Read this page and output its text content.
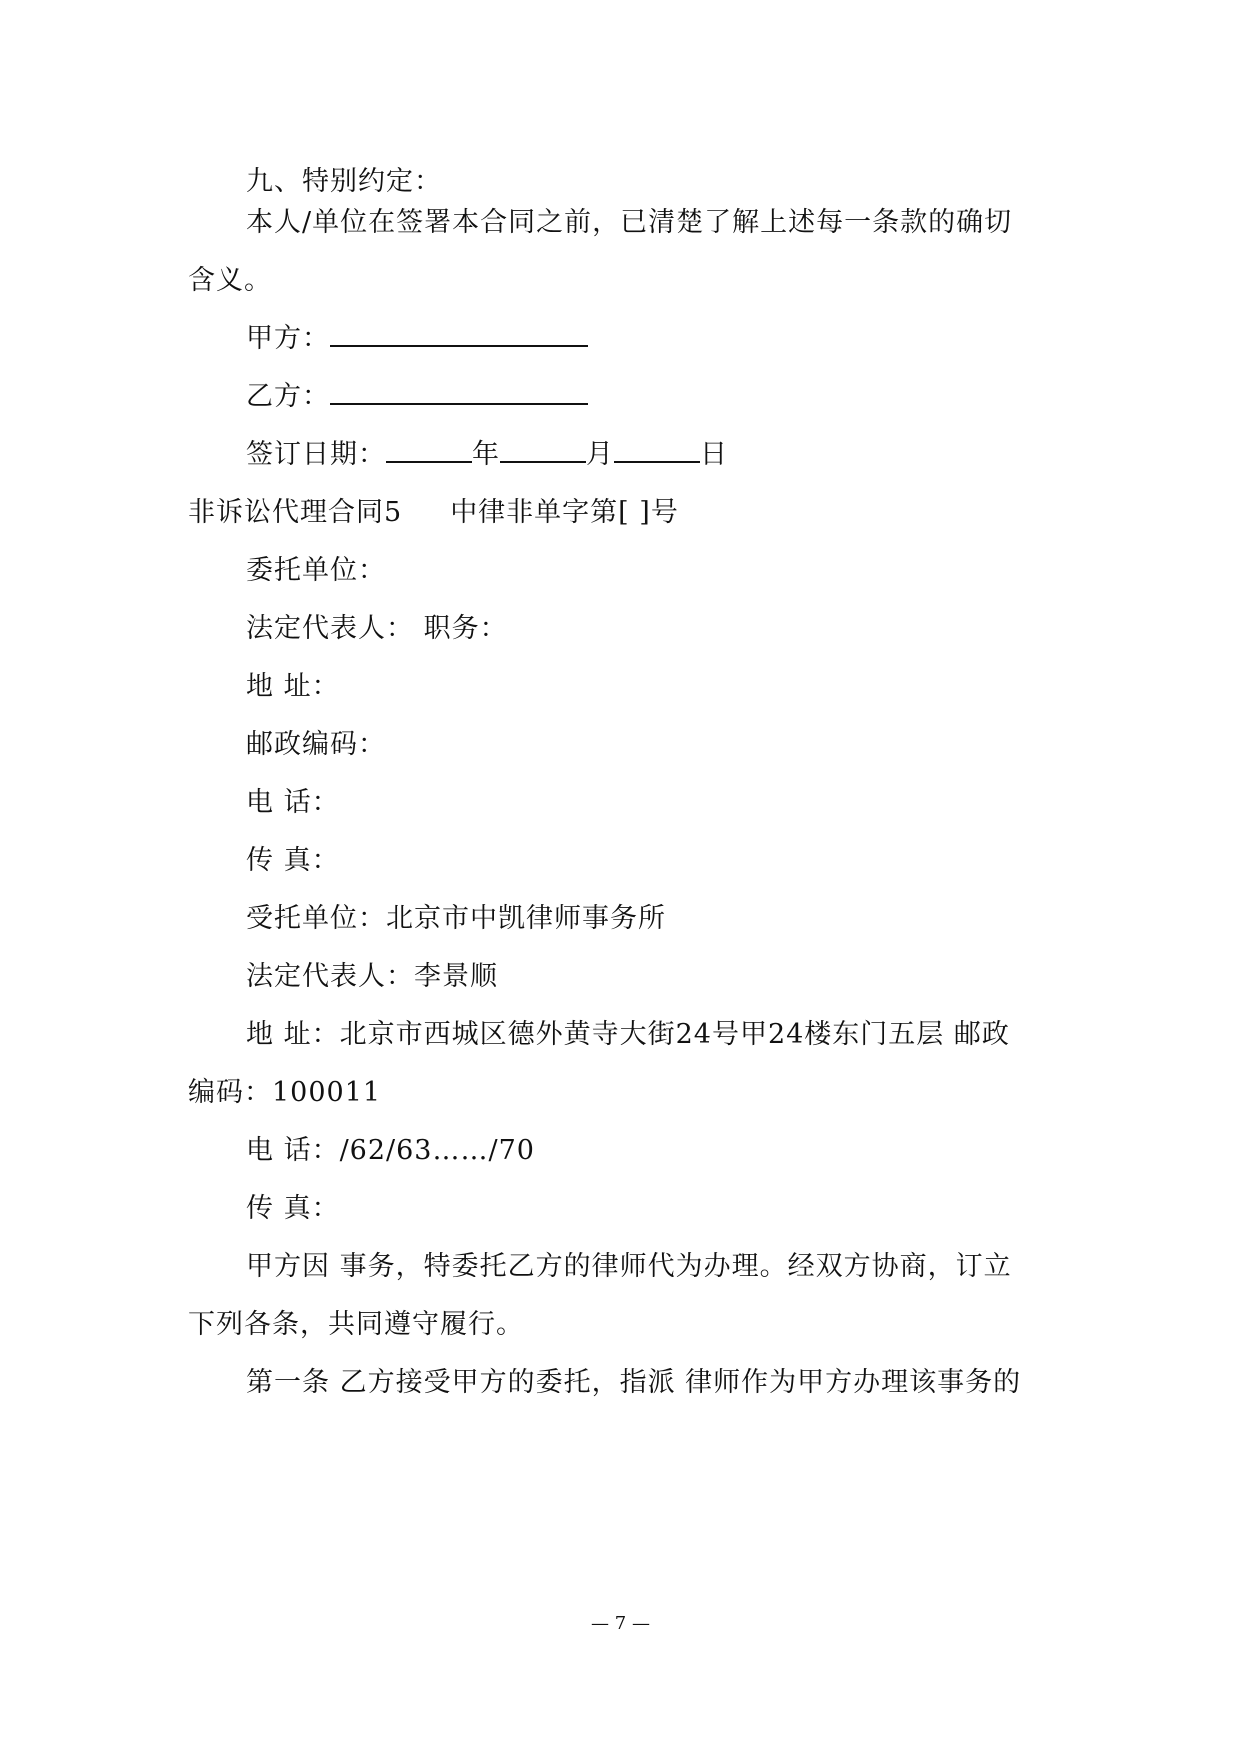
九、特别约定：
本人/单位在签署本合同之前，已清楚了解上述每一条款的确切
含义。
甲方：
乙方：
签订日期：	年	月	日
非诉讼代理合同5 中律非单字第[ ]号
委托单位：
法定代表人： 职务：
地 址：
邮政编码：
电 话：
传 真：
受托单位：北京市中凯律师事务所
法定代表人：李景顺
地 址：北京市西城区德外黄寺大街24号甲24楼东门五层 邮政
编码：100011
电 话：/62/63……/70
传 真：
甲方因 事务，特委托乙方的律师代为办理。经双方协商，订立
下列各条，共同遵守履行。
第一条 乙方接受甲方的委托，指派 律师作为甲方办理该事务的
— 7 —
